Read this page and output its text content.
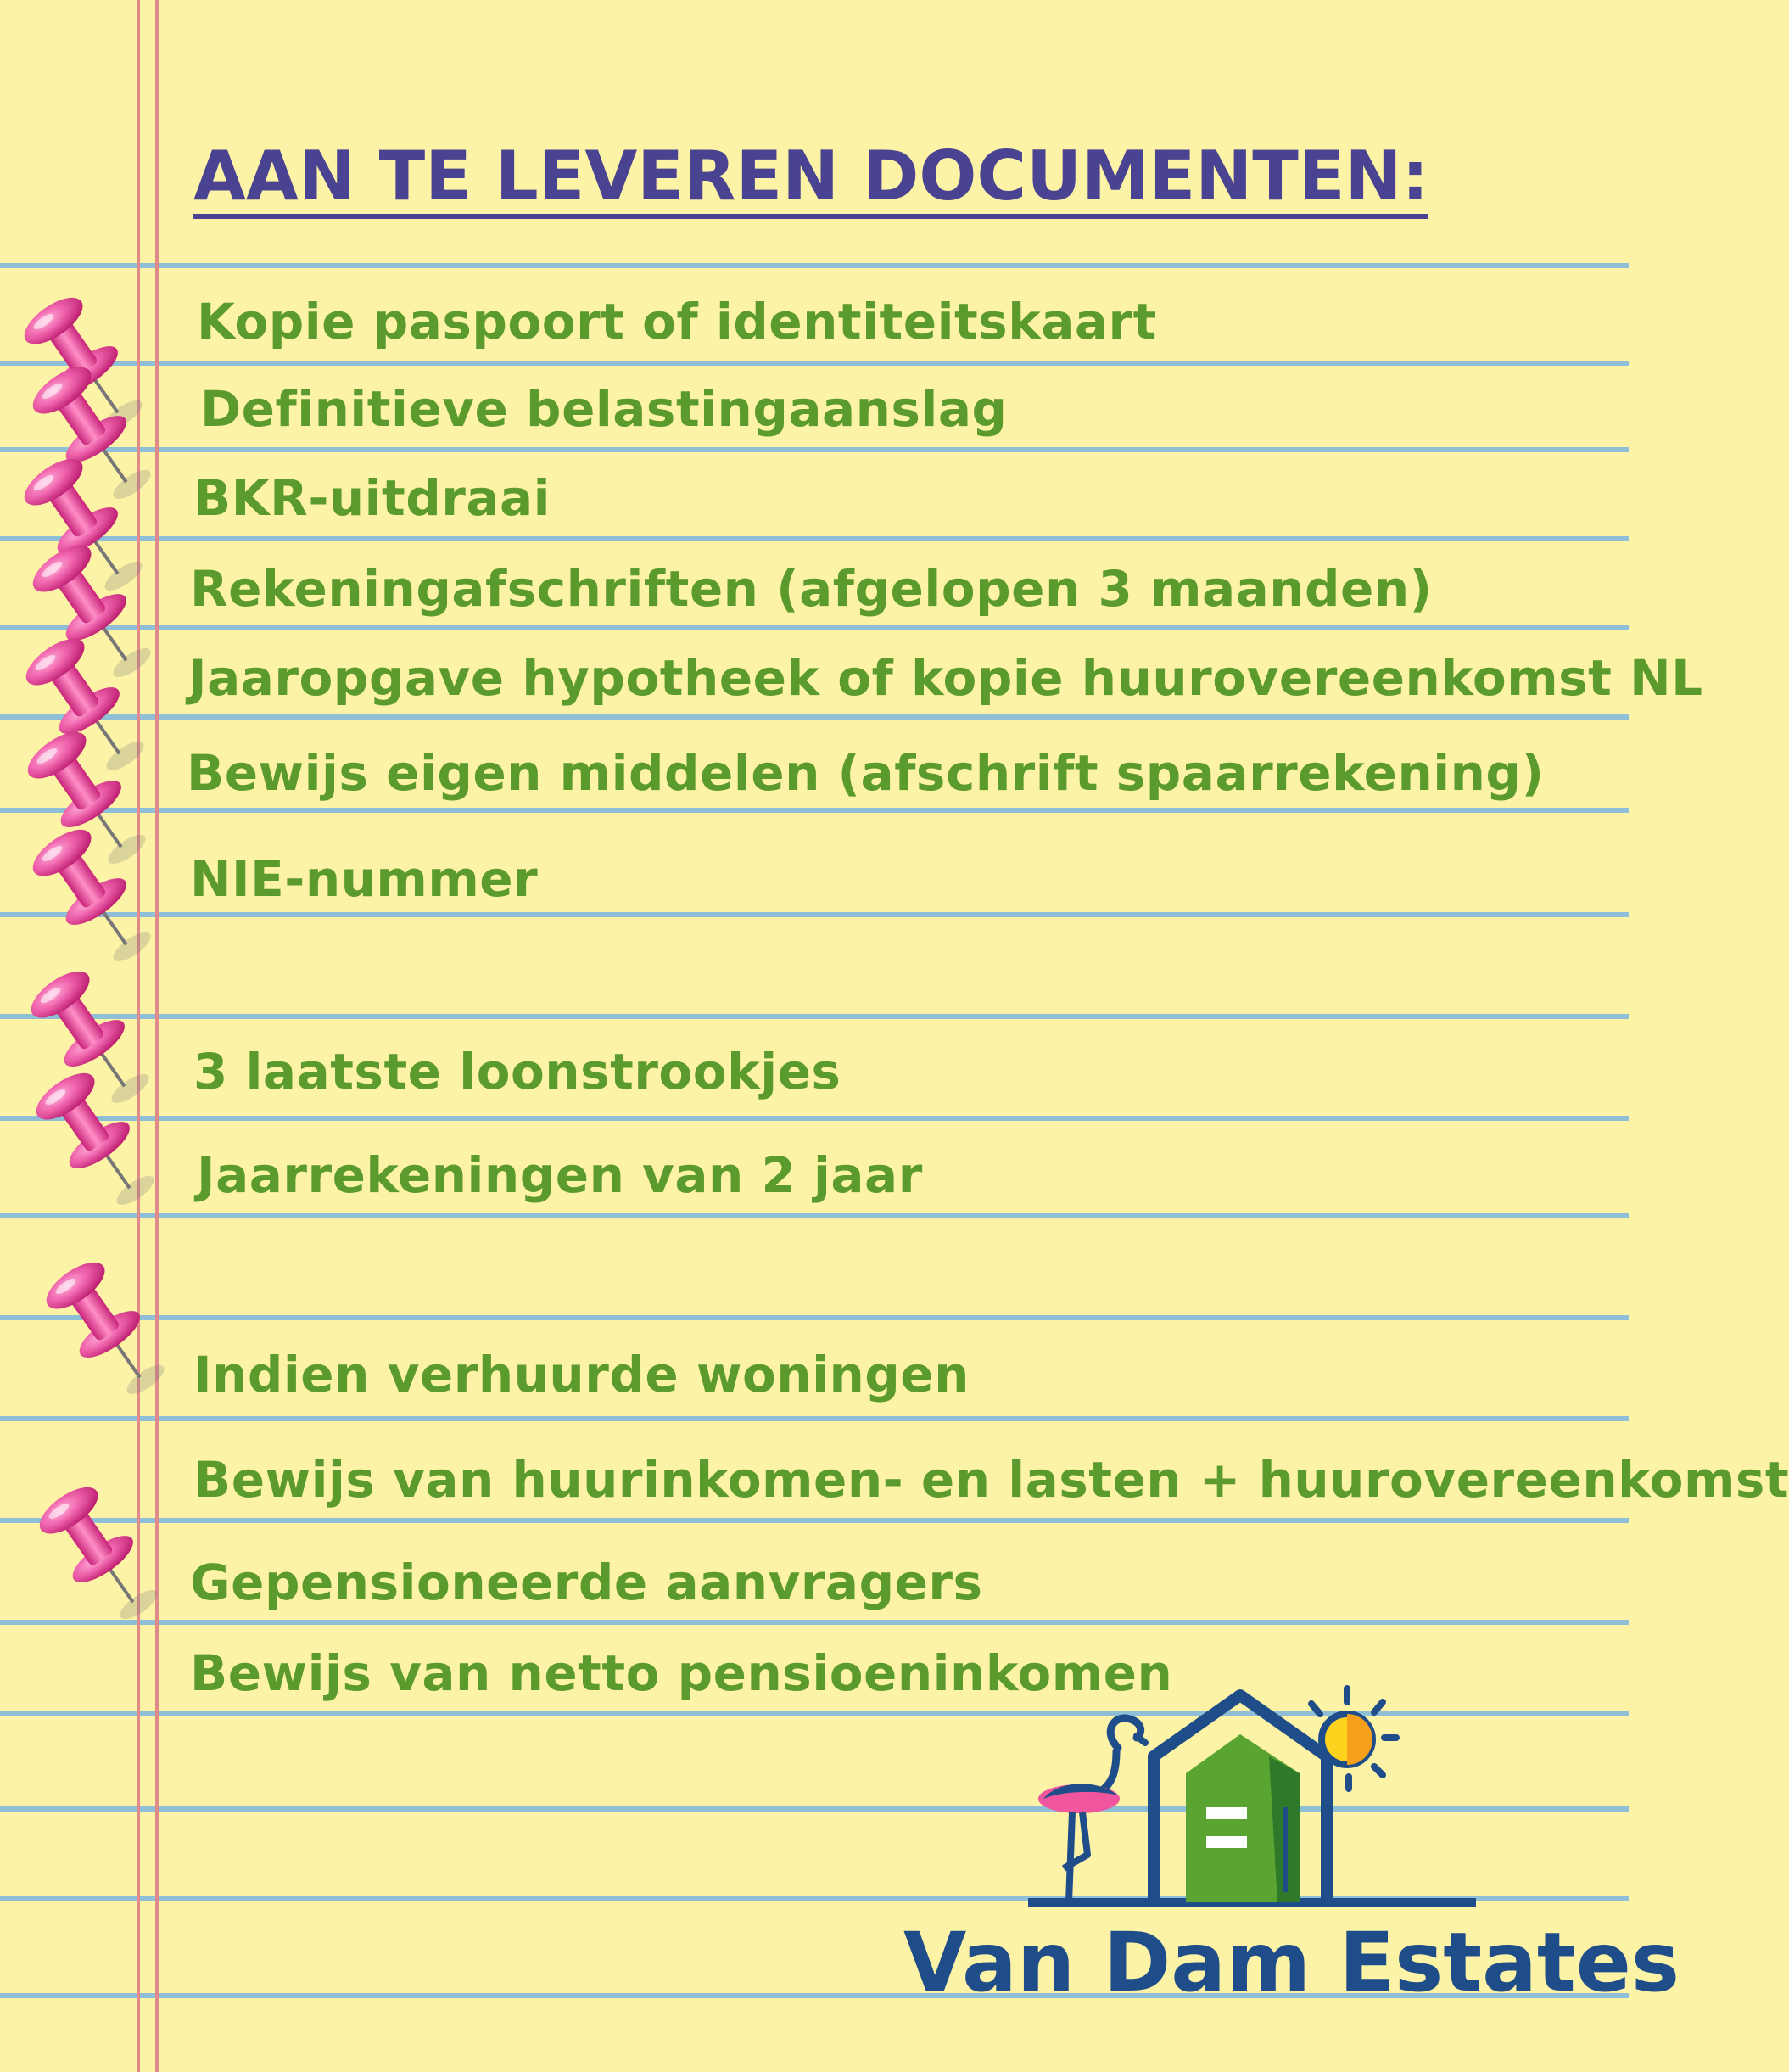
AAN TE LEVEREN DOCUMENTEN:
Kopie paspoort of identiteitskaart
Definitieve belastingaanslag
BKR-uitdraai
Rekeningafschriften (afgelopen 3 maanden)
Jaaropgave hypotheek of kopie huurovereenkomst NL
Bewijs eigen middelen (afschrift spaarrekening)
NIE-nummer
3 laatste loonstrookjes
Jaarrekeningen van 2 jaar
Indien verhuurde woningen
Bewijs van huurinkomen- en lasten + huurovereenkomst
Gepensioneerde aanvragers
Bewijs van netto pensioeninkomen
Van Dam Estates
